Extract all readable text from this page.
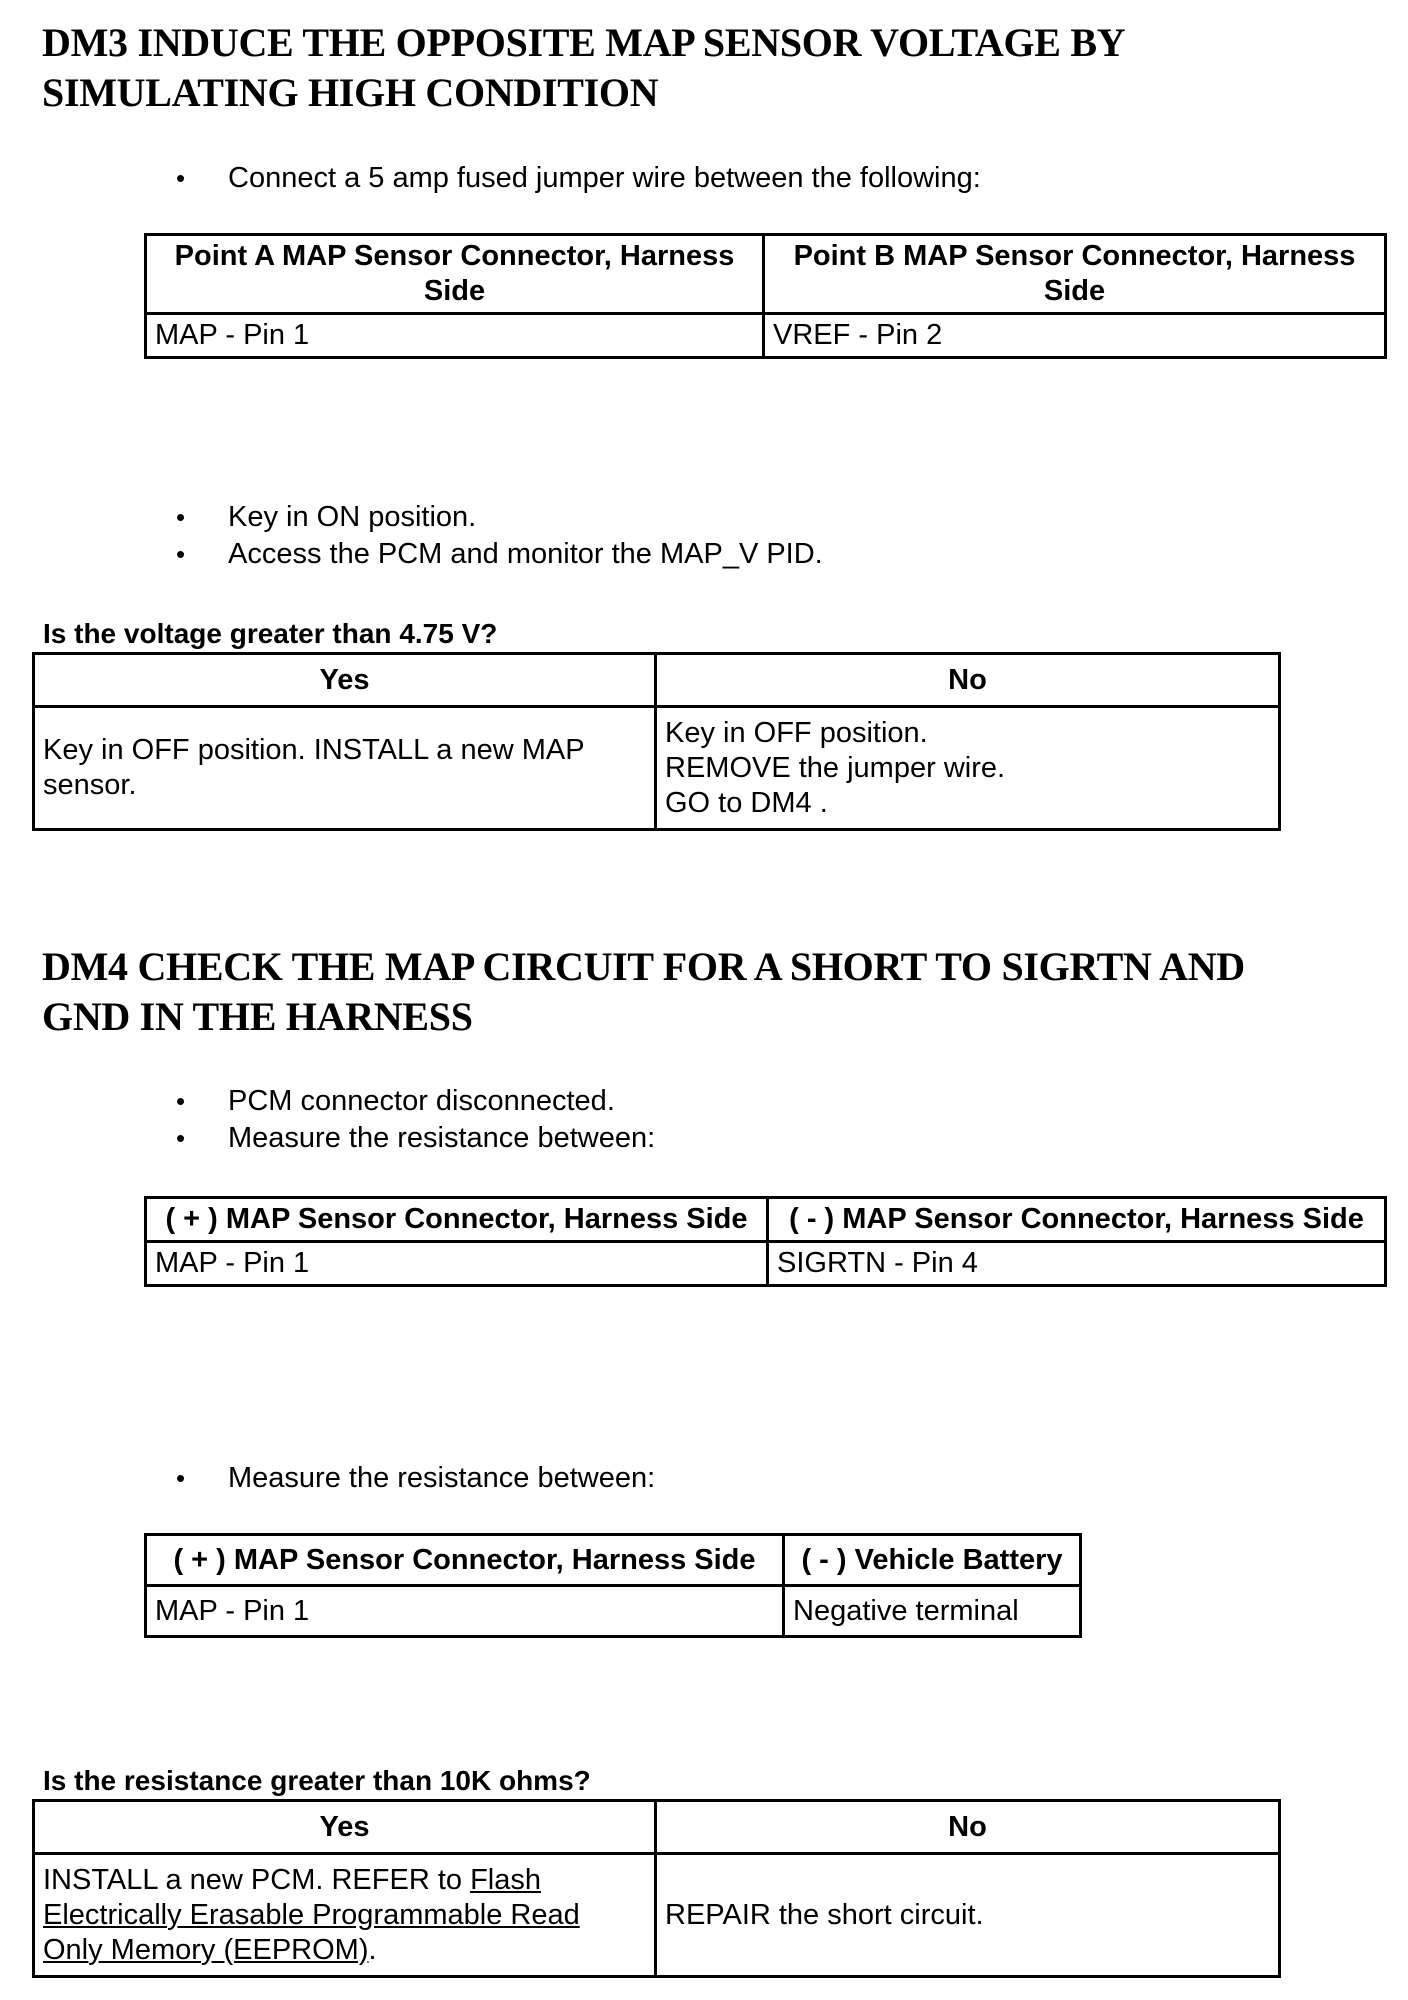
DM3 INDUCE THE OPPOSITE MAP SENSOR VOLTAGE BY
SIMULATING HIGH CONDITION
• Connect a 5 amp fused jumper wire between the following:
Point A MAP Sensor Connector, Harness Side	Point B MAP Sensor Connector, Harness Side
MAP - Pin 1	VREF - Pin 2
• Key in ON position.
• Access the PCM and monitor the MAP_V PID.
Is the voltage greater than 4.75 V?
Yes	No
Key in OFF position. INSTALL a new MAP sensor.	Key in OFF position.
REMOVE the jumper wire.
GO to DM4 .
DM4 CHECK THE MAP CIRCUIT FOR A SHORT TO SIGRTN AND
GND IN THE HARNESS
• PCM connector disconnected.
• Measure the resistance between:
( + ) MAP Sensor Connector, Harness Side	( - ) MAP Sensor Connector, Harness Side
MAP - Pin 1	SIGRTN - Pin 4
• Measure the resistance between:
( + ) MAP Sensor Connector, Harness Side	( - ) Vehicle Battery
MAP - Pin 1	Negative terminal
Is the resistance greater than 10K ohms?
Yes	No
INSTALL a new PCM. REFER to Flash Electrically Erasable Programmable Read Only Memory (EEPROM).	REPAIR the short circuit.
